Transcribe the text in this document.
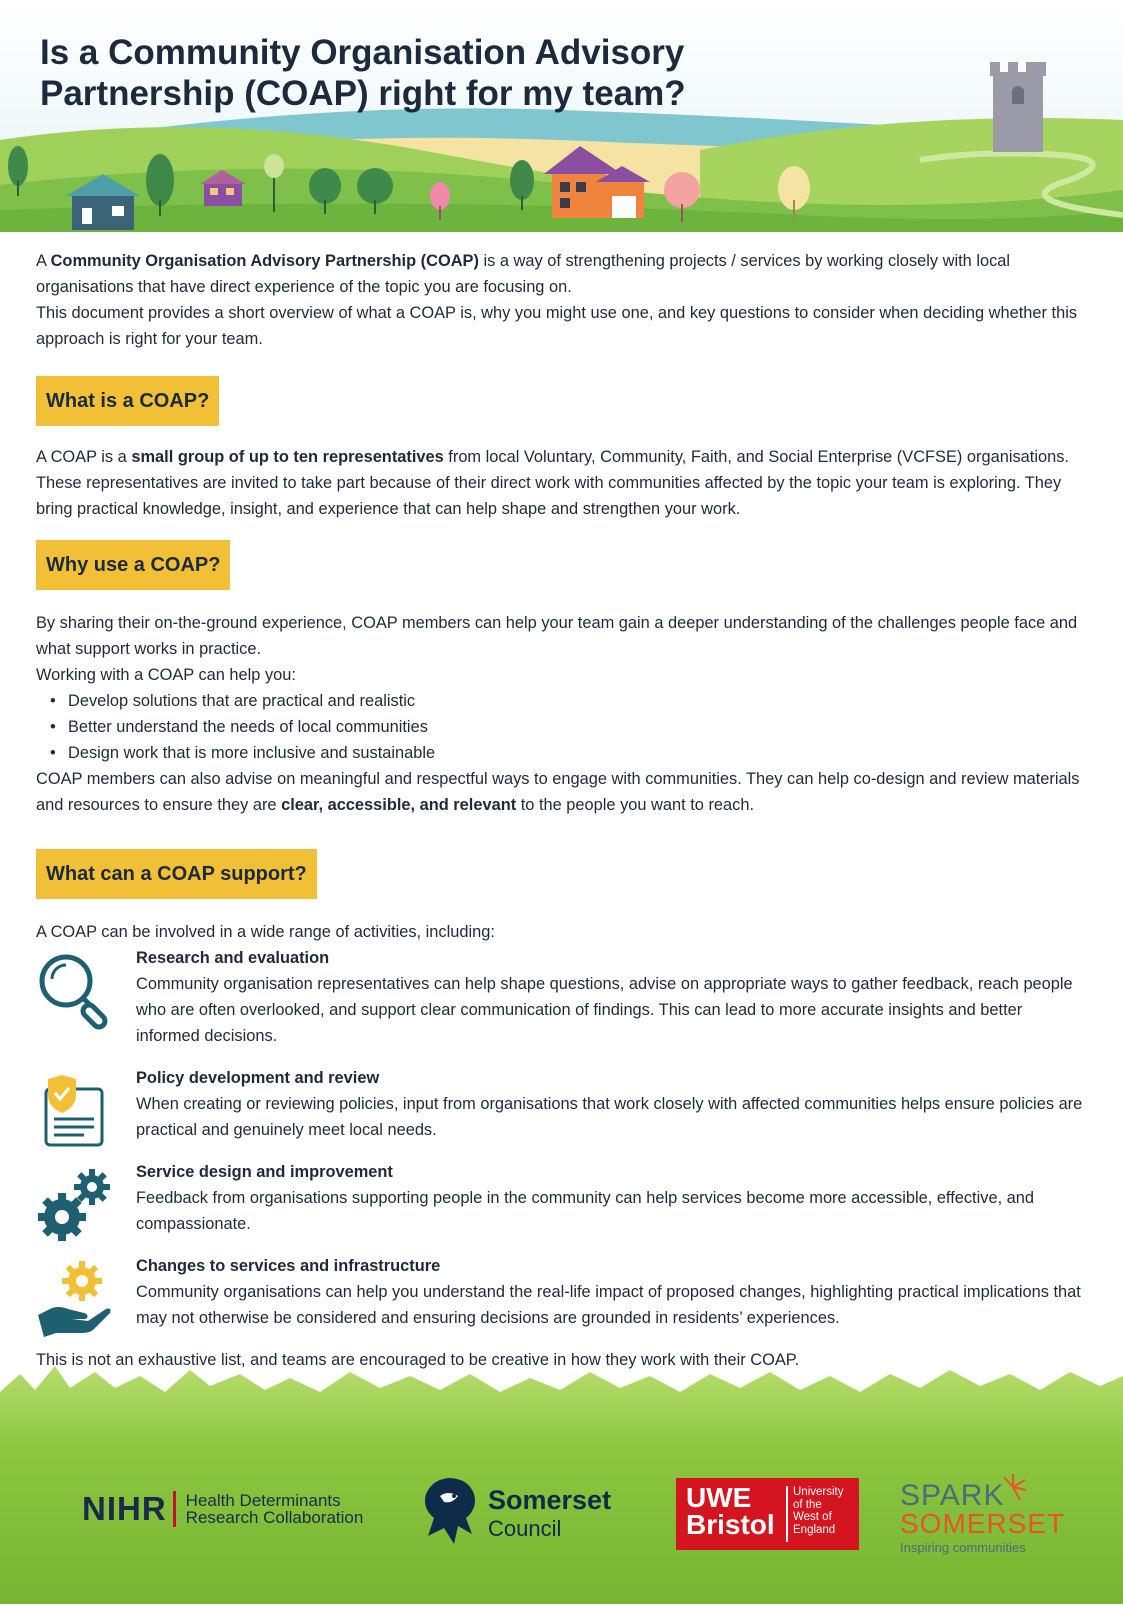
Is a Community Organisation Advisory
Partnership (COAP) right for my team?

A Community Organisation Advisory Partnership (COAP) is a way of strengthening projects / services by working closely with local organisations that have direct experience of the topic you are focusing on.

This document provides a short overview of what a COAP is, why you might use one, and key questions to consider when deciding whether this approach is right for your team.

What is a COAP?

A COAP is a small group of up to ten representatives from local Voluntary, Community, Faith, and Social Enterprise (VCFSE) organisations.

These representatives are invited to take part because of their direct work with communities affected by the topic your team is exploring. They bring practical knowledge, insight, and experience that can help shape and strengthen your work.

Why use a COAP?

By sharing their on-the-ground experience, COAP members can help your team gain a deeper understanding of the challenges people face and what support works in practice.

Working with a COAP can help you:

• Develop solutions that are practical and realistic
• Better understand the needs of local communities
• Design work that is more inclusive and sustainable

COAP members can also advise on meaningful and respectful ways to engage with communities. They can help co-design and review materials and resources to ensure they are clear, accessible, and relevant to the people you want to reach.

What can a COAP support?

A COAP can be involved in a wide range of activities, including:

Research and evaluation
Community organisation representatives can help shape questions, advise on appropriate ways to gather feedback, reach people who are often overlooked, and support clear communication of findings. This can lead to more accurate insights and better informed decisions.
Policy development and review
When creating or reviewing policies, input from organisations that work closely with affected communities helps ensure policies are practical and genuinely meet local needs.
Service design and improvement
Feedback from organisations supporting people in the community can help services become more accessible, effective, and compassionate.
Changes to services and infrastructure
Community organisations can help you understand the real-life impact of proposed changes, highlighting practical implications that may not otherwise be considered and ensuring decisions are grounded in residents’ experiences.

This is not an exhaustive list, and teams are encouraged to be creative in how they work with their COAP.

NIHR Health Determinants
Research Collaboration
Somerset
Council
UWE
Bristol
University
of the
West of
England
SPARK
SOMERSET
Inspiring communities
